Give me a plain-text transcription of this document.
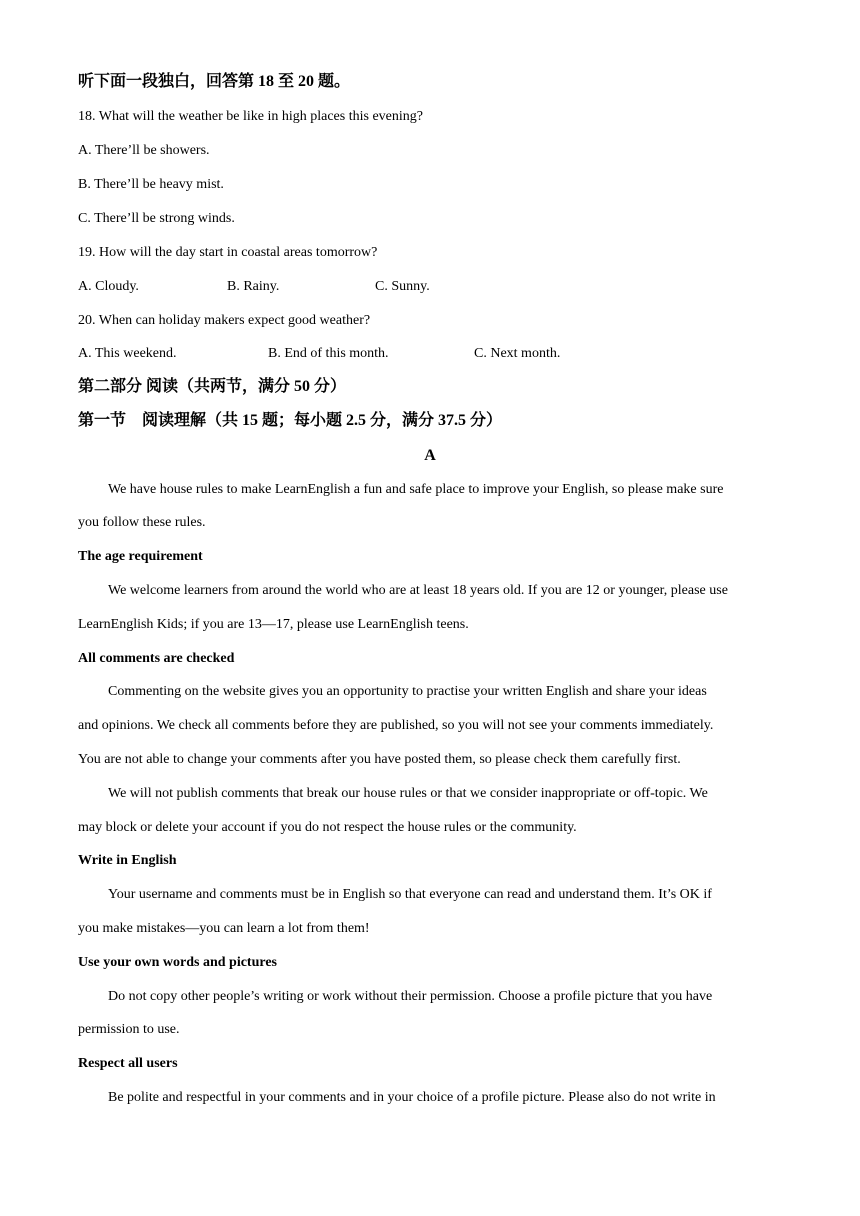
听下面一段独白，回答第 18 至 20 题。
18. What will the weather be like in high places this evening?
A. There’ll be showers.
B. There’ll be heavy mist.
C. There’ll be strong winds.
19. How will the day start in coastal areas tomorrow?
A. Cloudy.	B. Rainy.	C. Sunny.
20. When can holiday makers expect good weather?
A. This weekend.	B. End of this month.	C. Next month.
第二部分 阅读（共两节，满分 50 分）
第一节　阅读理解（共 15 题；每小题 2.5 分，满分 37.5 分）
A
We have house rules to make LearnEnglish a fun and safe place to improve your English, so please make sure
you follow these rules.
The age requirement
We welcome learners from around the world who are at least 18 years old. If you are 12 or younger, please use
LearnEnglish Kids; if you are 13—17, please use LearnEnglish teens.
All comments are checked
Commenting on the website gives you an opportunity to practise your written English and share your ideas
and opinions. We check all comments before they are published, so you will not see your comments immediately.
You are not able to change your comments after you have posted them, so please check them carefully first.
We will not publish comments that break our house rules or that we consider inappropriate or off-topic. We
may block or delete your account if you do not respect the house rules or the community.
Write in English
Your username and comments must be in English so that everyone can read and understand them. It’s OK if
you make mistakes—you can learn a lot from them!
Use your own words and pictures
Do not copy other people’s writing or work without their permission. Choose a profile picture that you have
permission to use.
Respect all users
Be polite and respectful in your comments and in your choice of a profile picture. Please also do not write in
